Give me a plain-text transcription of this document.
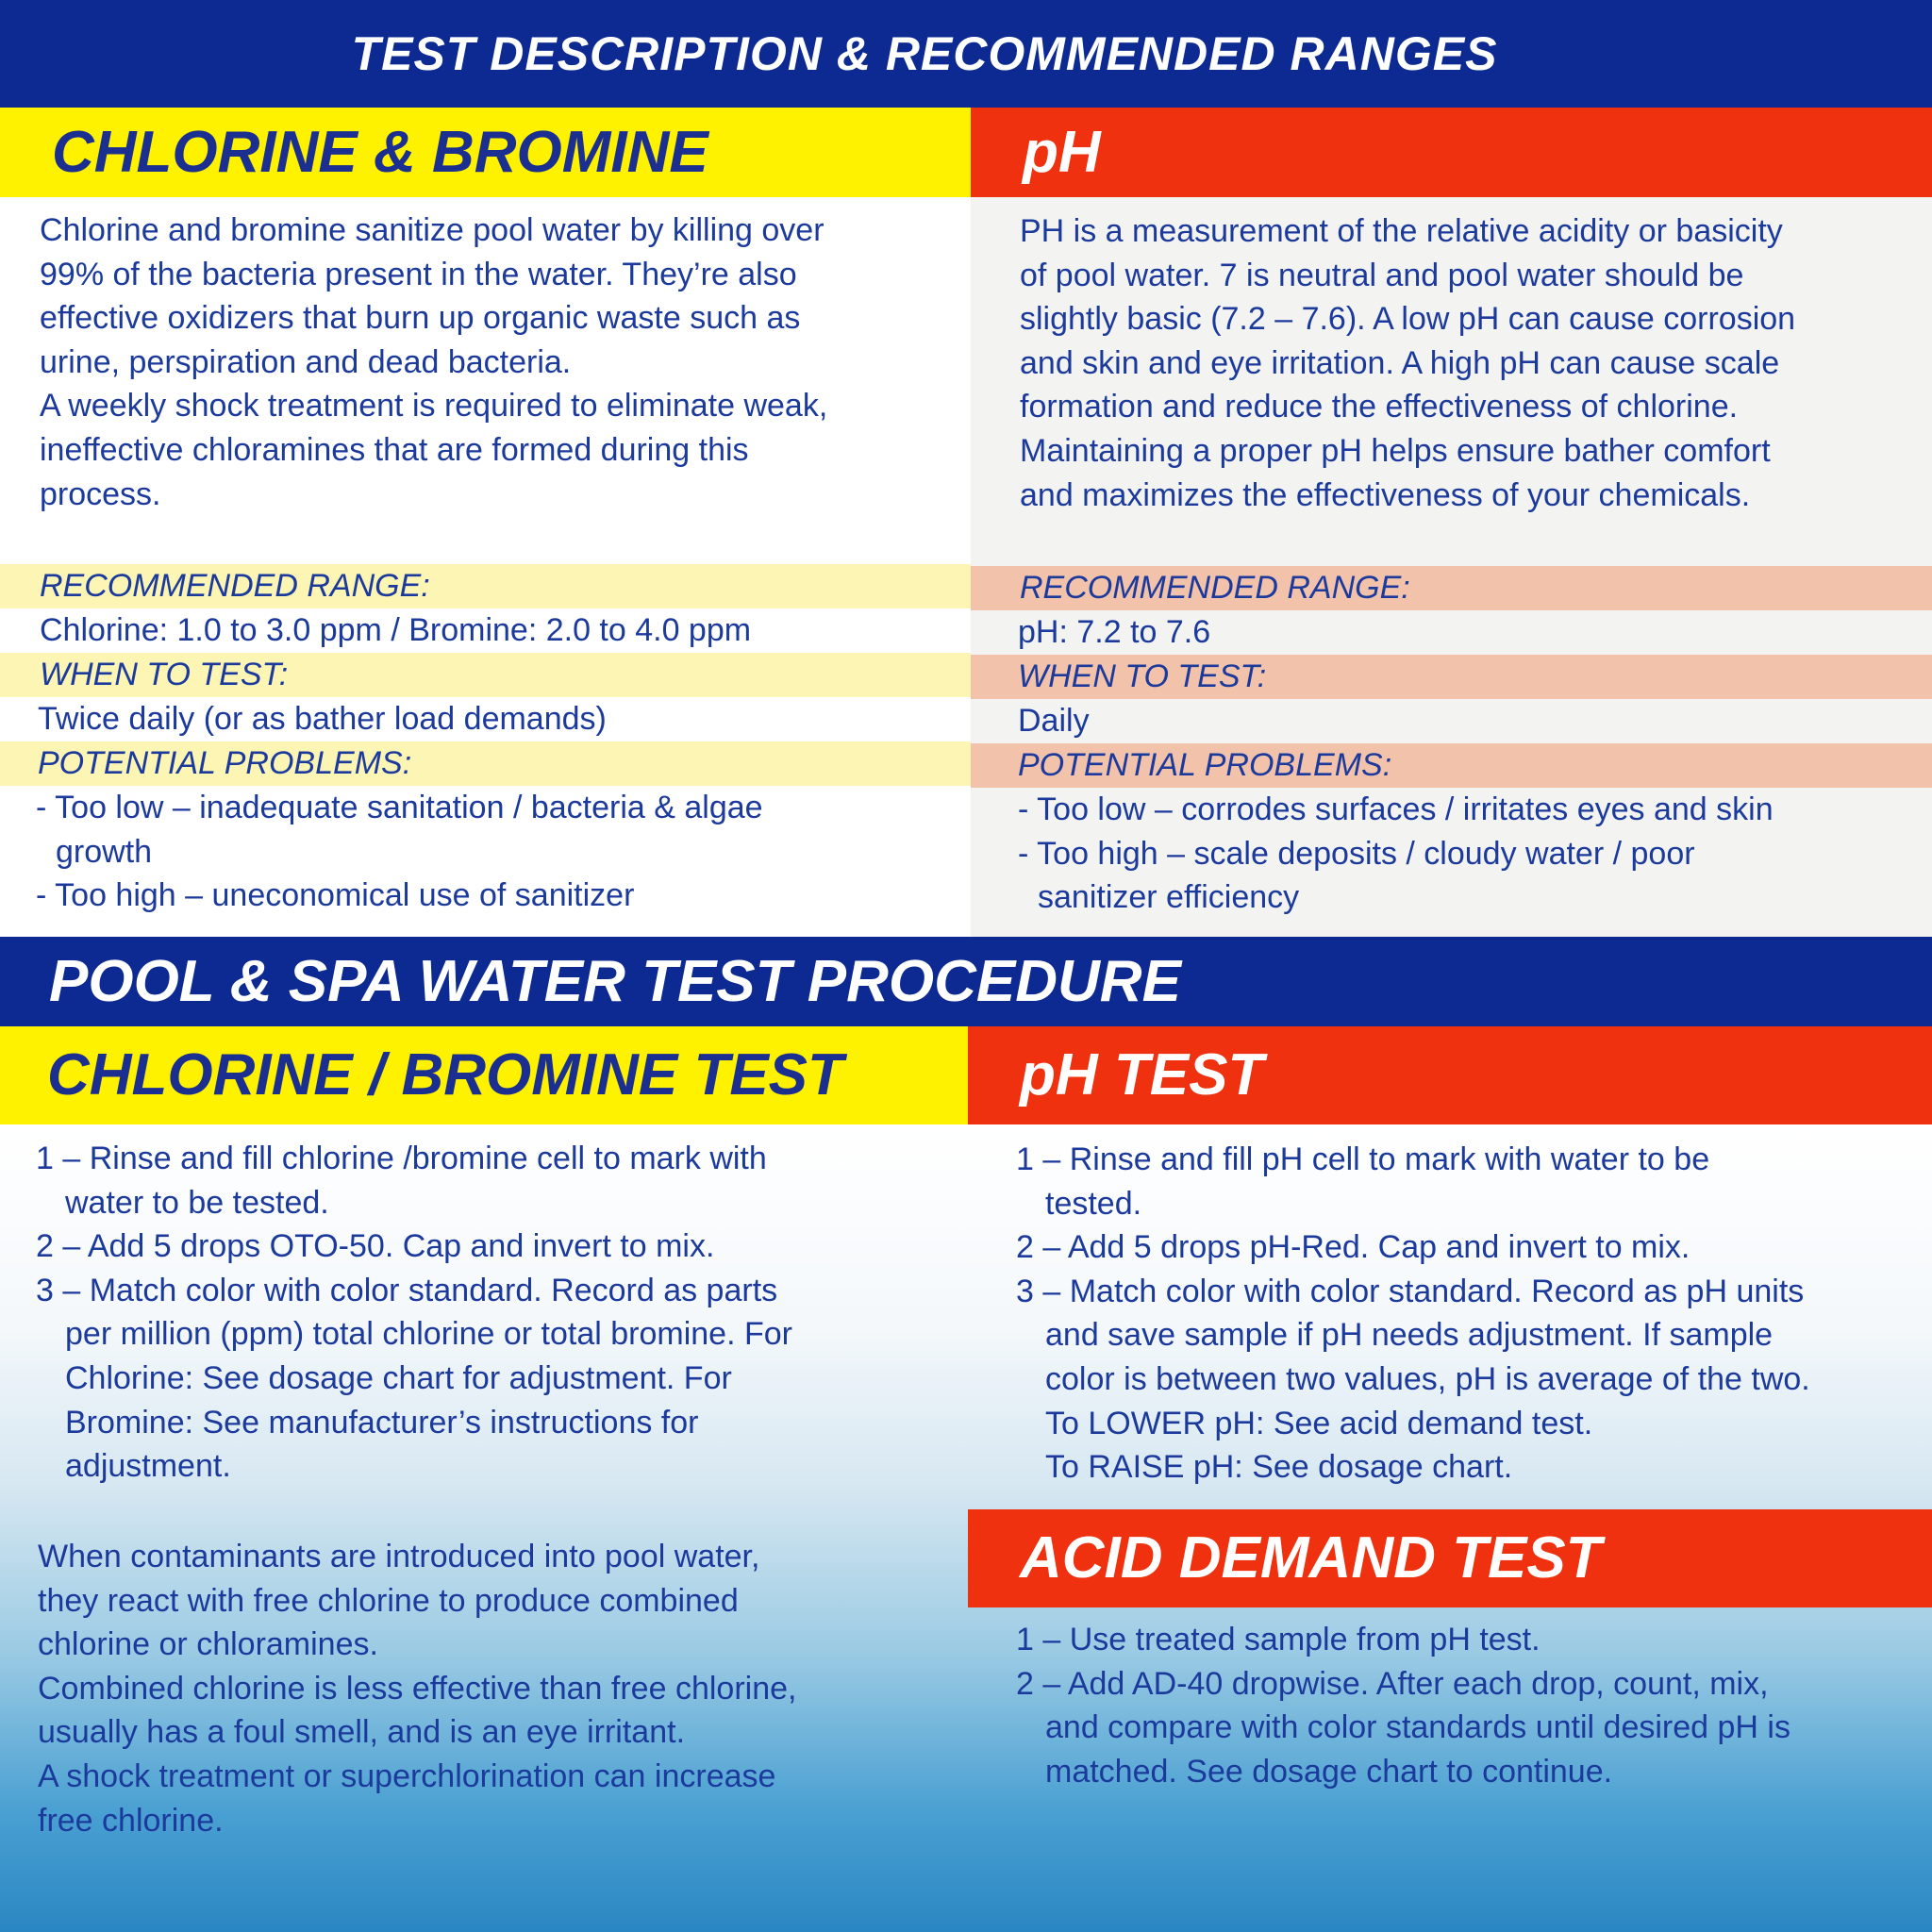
TEST DESCRIPTION & RECOMMENDED RANGES
CHLORINE & BROMINE	pH
Chlorine and bromine sanitize pool water by killing over
99% of the bacteria present in the water. They’re also
effective oxidizers that burn up organic waste such as
urine, perspiration and dead bacteria.
A weekly shock treatment is required to eliminate weak,
ineffective chloramines that are formed during this
process.
PH is a measurement of the relative acidity or basicity
of pool water. 7 is neutral and pool water should be
slightly basic (7.2 – 7.6). A low pH can cause corrosion
and skin and eye irritation. A high pH can cause scale
formation and reduce the effectiveness of chlorine.
Maintaining a proper pH helps ensure bather comfort
and maximizes the effectiveness of your chemicals.
RECOMMENDED RANGE:
Chlorine: 1.0 to 3.0 ppm / Bromine: 2.0 to 4.0 ppm
WHEN TO TEST:
Twice daily (or as bather load demands)
POTENTIAL PROBLEMS:
- Too low – inadequate sanitation / bacteria & algae
growth
- Too high – uneconomical use of sanitizer
RECOMMENDED RANGE:
pH: 7.2 to 7.6
WHEN TO TEST:
Daily
POTENTIAL PROBLEMS:
- Too low – corrodes surfaces / irritates eyes and skin
- Too high – scale deposits / cloudy water / poor
sanitizer efficiency
POOL & SPA WATER TEST PROCEDURE
CHLORINE / BROMINE TEST	pH TEST
1 – Rinse and fill chlorine /bromine cell to mark with
water to be tested.
2 – Add 5 drops OTO-50. Cap and invert to mix.
3 – Match color with color standard. Record as parts
per million (ppm) total chlorine or total bromine. For
Chlorine: See dosage chart for adjustment. For
Bromine: See manufacturer’s instructions for
adjustment.
When contaminants are introduced into pool water,
they react with free chlorine to produce combined
chlorine or chloramines.
Combined chlorine is less effective than free chlorine,
usually has a foul smell, and is an eye irritant.
A shock treatment or superchlorination can increase
free chlorine.
1 – Rinse and fill pH cell to mark with water to be
tested.
2 – Add 5 drops pH-Red. Cap and invert to mix.
3 – Match color with color standard. Record as pH units
and save sample if pH needs adjustment. If sample
color is between two values, pH is average of the two.
To LOWER pH: See acid demand test.
To RAISE pH: See dosage chart.
ACID DEMAND TEST
1 – Use treated sample from pH test.
2 – Add AD-40 dropwise. After each drop, count, mix,
and compare with color standards until desired pH is
matched. See dosage chart to continue.
